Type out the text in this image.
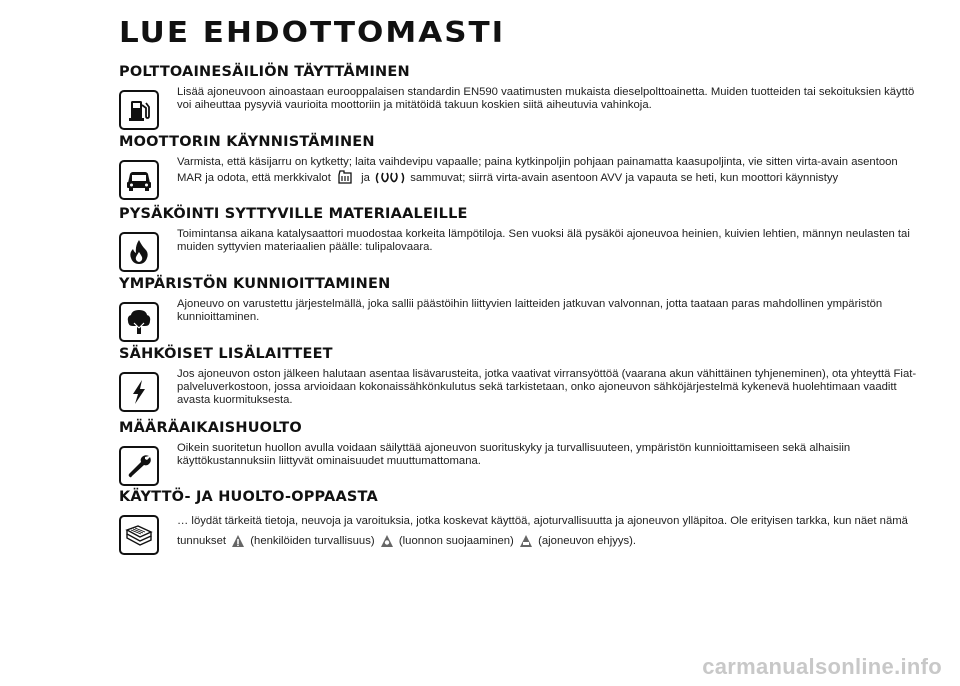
LUE EHDOTTOMASTI
POLTTOAINESÄILIÖN TÄYTTÄMINEN
Lisää ajoneuvoon ainoastaan eurooppalaisen standardin EN590 vaatimusten mukaista dieselpolttoainetta. Muiden tuotteiden tai sekoituksien käyttö voi aiheuttaa pysyviä vaurioita moottoriin ja mitätöidä takuun koskien siitä aiheutuvia vahinkoja.
MOOTTORIN KÄYNNISTÄMINEN
Varmista, että käsijarru on kytketty; laita vaihdevipu vapaalle; paina kytkinpoljin pohjaan painamatta kaasupoljinta, vie sitten virta-avain asentoon MAR ja odota, että merkkivalot	ja	sammuvat; siirrä virta-avain asentoon AVV ja vapauta se heti, kun moottori käynnistyy
PYSÄKÖINTI SYTTYVILLE MATERIAALEILLE
Toimintansa aikana katalysaattori muodostaa korkeita lämpötiloja. Sen vuoksi älä pysäköi ajoneuvoa heinien, kuivien lehtien, männyn neulasten tai muiden syttyvien materiaalien päälle: tulipalovaara.
YMPÄRISTÖN KUNNIOITTAMINEN
Ajoneuvo on varustettu järjestelmällä, joka sallii päästöihin liittyvien laitteiden jatkuvan valvonnan, jotta taataan paras mahdollinen ympäristön kunnioittaminen.
SÄHKÖISET LISÄLAITTEET
Jos ajoneuvon oston jälkeen halutaan asentaa lisävarusteita, jotka vaativat virransyöttöä (vaarana akun vähittäinen tyhjeneminen), ota yhteyttä Fiat-palveluverkostoon, jossa arvioidaan kokonaissähkönkulutus sekä tarkistetaan, onko ajoneuvon sähköjärjestelmä kykenevä huolehtimaan vaaditt avasta kuormituksesta.
MÄÄRÄAIKAISHUOLTO
Oikein suoritetun huollon avulla voidaan säilyttää ajoneuvon suorituskyky ja turvallisuuteen, ympäristön kunnioittamiseen sekä alhaisiin käyttökustannuksiin liittyvät ominaisuudet muuttumattomana.
KÄYTTÖ- JA HUOLTO-OPPAASTA
… löydät tärkeitä tietoja, neuvoja ja varoituksia, jotka koskevat käyttöä, ajoturvallisuutta ja ajoneuvon ylläpitoa. Ole erityisen tarkka, kun näet nämä tunnukset (henkilöiden turvallisuus) (luonnon suojaaminen) (ajoneuvon ehjyys).
carmanualsonline.info
